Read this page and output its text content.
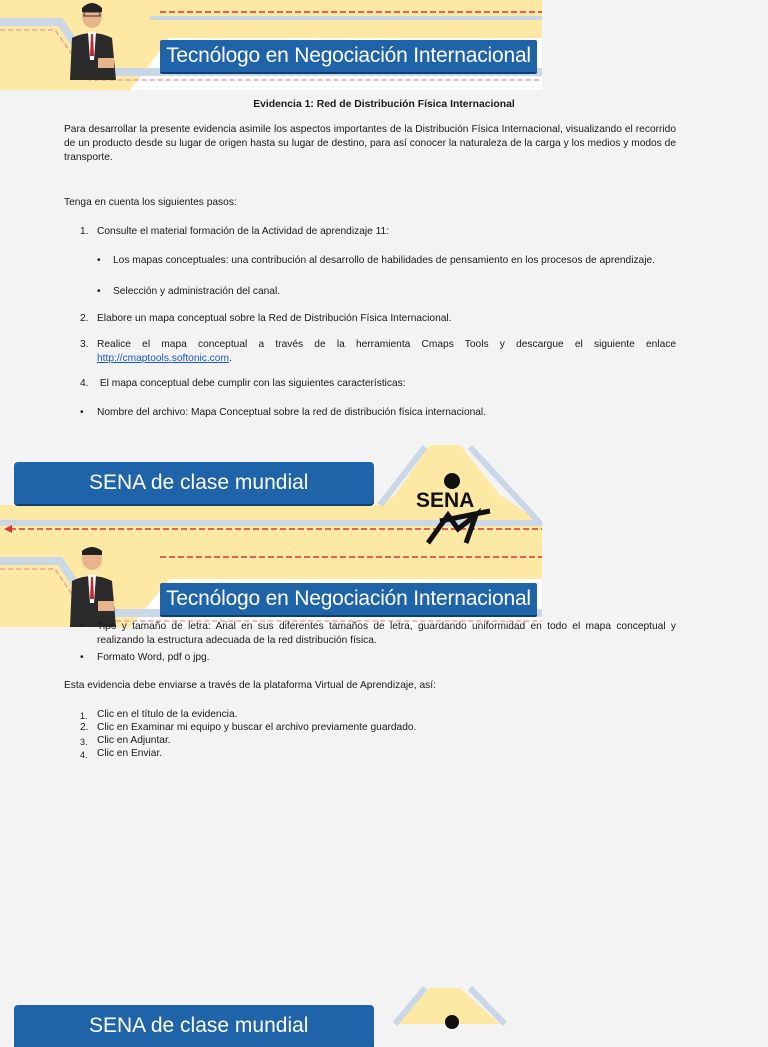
Tecnólogo en Negociación Internacional
Evidencia 1: Red de Distribución Física Internacional

Para desarrollar la presente evidencia asimile los aspectos importantes de la Distribución Física Internacional, visualizando el recorrido de un producto desde su lugar de origen hasta su lugar de destino, para así conocer la naturaleza de la carga y los medios y modos de transporte.

Tenga en cuenta los siguientes pasos:

1. Consulte el material formación de la Actividad de aprendizaje 11:
•	Los mapas conceptuales: una contribución al desarrollo de habilidades de pensamiento en los procesos de aprendizaje.
•	Selección y administración del canal.
2. Elabore un mapa conceptual sobre la Red de Distribución Física Internacional.
3. Realice el mapa conceptual a través de la herramienta Cmaps Tools y descargue el siguiente enlace http://cmaptools.softonic.com.
4. El mapa conceptual debe cumplir con las siguientes características:
•	Nombre del archivo: Mapa Conceptual sobre la red de distribución física internacional.
SENA
SENA de clase mundial
Tecnólogo en Negociación Internacional
•	Tipo y tamaño de letra: Arial en sus diferentes tamaños de letra, guardando uniformidad en todo el mapa conceptual y realizando la estructura adecuada de la red distribución física.
•	Formato Word, pdf o jpg.

Esta evidencia debe enviarse a través de la plataforma Virtual de Aprendizaje, así:

1. Clic en el título de la evidencia.
2. Clic en Examinar mi equipo y buscar el archivo previamente guardado.
3. Clic en Adjuntar.
4. Clic en Enviar.
SENA de clase mundial
